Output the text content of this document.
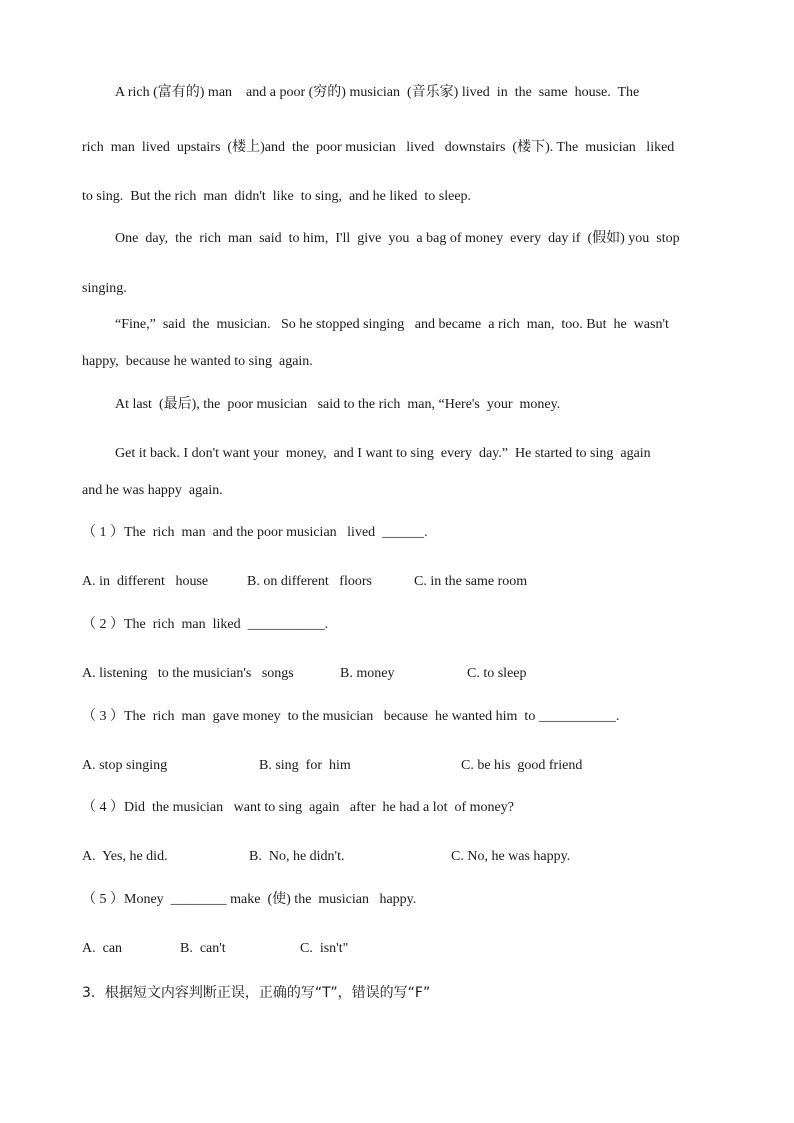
A rich (富有的) man    and a poor (穷的) musician  (音乐家) lived  in  the  same  house.  The
rich  man  lived  upstairs  (楼上)and  the  poor musician   lived   downstairs  (楼下). The  musician   liked
to sing.  But the rich  man  didn't  like  to sing,  and he liked  to sleep.
One  day,  the  rich  man  said  to him,  I'll  give  you  a bag of money  every  day if  (假如) you  stop
singing.
“Fine,”  said  the  musician.   So he stopped singing   and became  a rich  man,  too. But  he  wasn't
happy,  because he wanted to sing  again.
At last  (最后), the  poor musician   said to the rich  man, “Here's  your  money.
Get it back. I don't want your  money,  and I want to sing  every  day.”  He started to sing  again
and he was happy  again.
（ 1 ）The  rich  man  and the poor musician   lived  ______.
A. in  different   house	B. on different   floors	C. in the same room
（ 2 ）The  rich  man  liked  ___________.
A. listening   to the musician's   songs	B. money	C. to sleep
（ 3 ）The  rich  man  gave money  to the musician   because  he wanted him  to ___________.
A. stop singing	B. sing  for  him	C. be his  good friend
（ 4 ）Did  the musician   want to sing  again   after  he had a lot  of money?
A.  Yes, he did.	B.  No, he didn't.	C. No, he was happy.
（ 5 ）Money  ________ make  (使) the  musician   happy.
A.  can	B.  can't	C.  isn't"
3．根据短文内容判断正误，正确的写“T”，错误的写“F”
